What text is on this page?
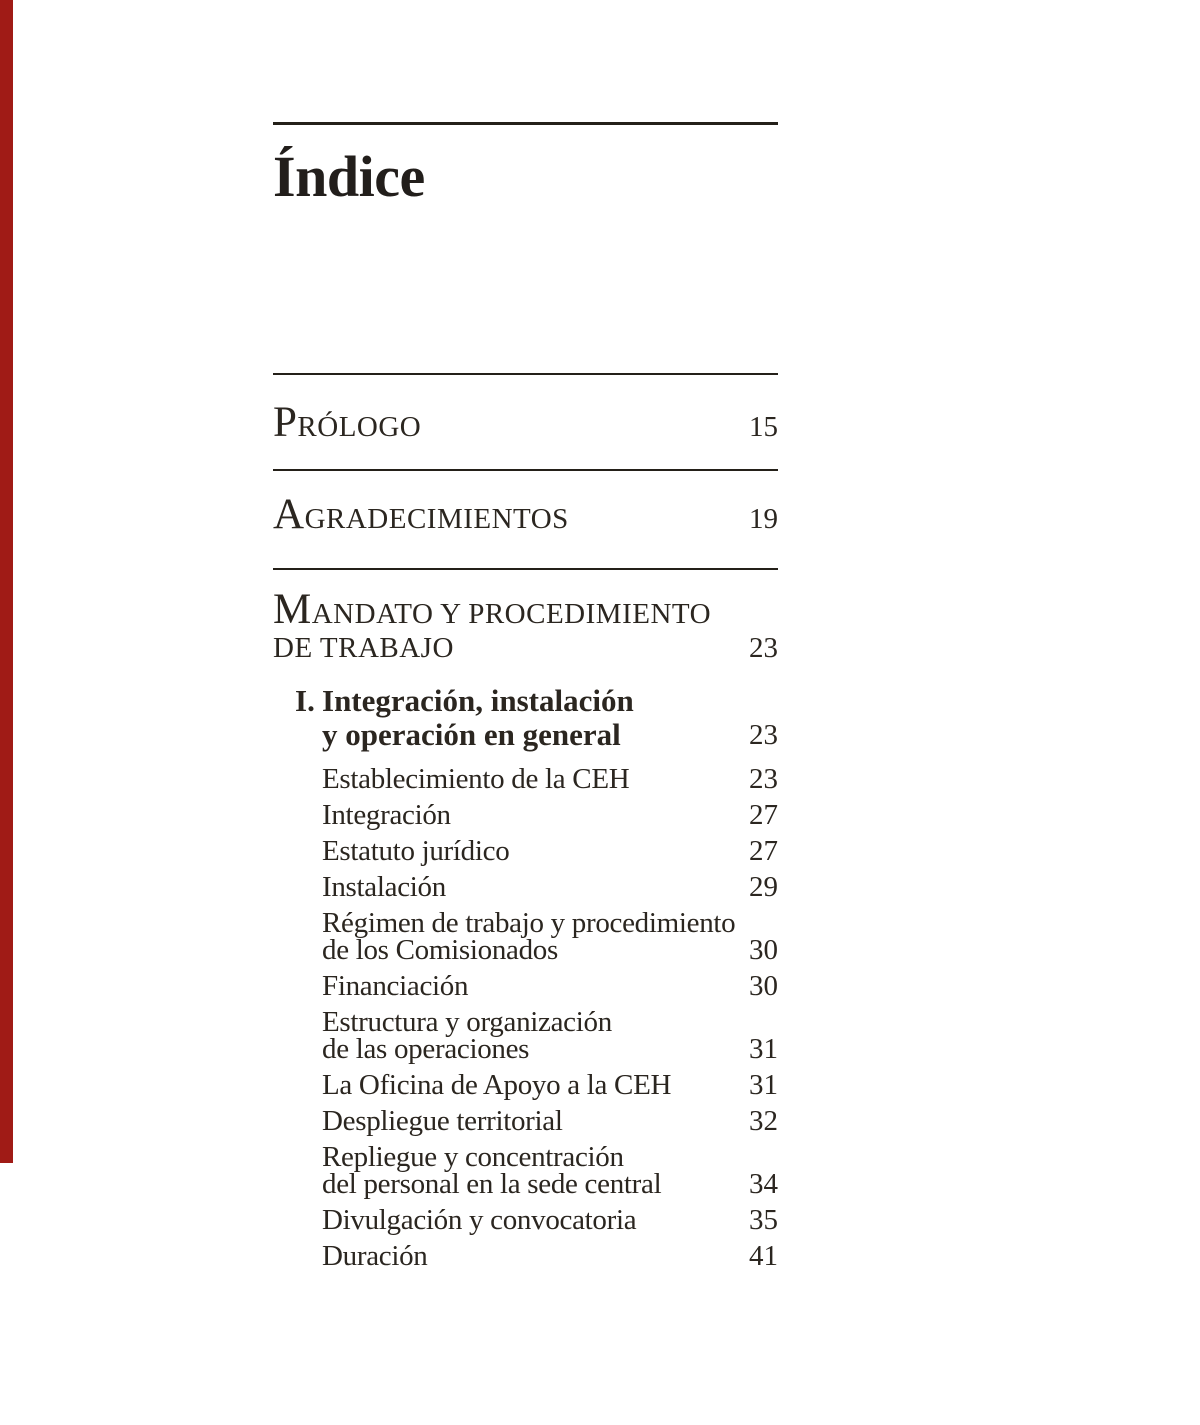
Índice
PRÓLOGO	15
AGRADECIMIENTOS	19
MANDATO Y PROCEDIMIENTO
DE TRABAJO	23
I. Integración, instalación
y operación en general	23
Establecimiento de la CEH	23
Integración	27
Estatuto jurídico	27
Instalación	29
Régimen de trabajo y procedimiento
de los Comisionados	30
Financiación	30
Estructura y organización
de las operaciones	31
La Oficina de Apoyo a la CEH	31
Despliegue territorial	32
Repliegue y concentración
del personal en la sede central	34
Divulgación y convocatoria	35
Duración	41
